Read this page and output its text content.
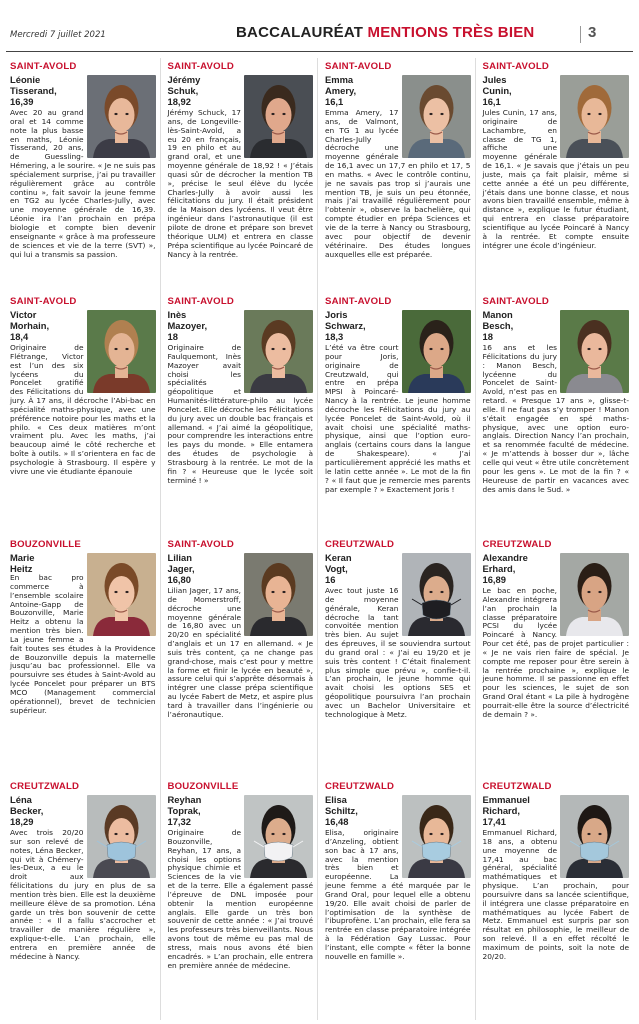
Mercredi 7 juillet 2021	BACCALAURÉAT MENTIONS TRÈS BIEN	3
SAINT-AVOLD
Léonie
Tisserand,
16,39
Avec 20 au grand oral et 14 comme note la plus basse en maths, Léonie Tisserand, 20 ans, de Guessling-Hémering, a le sourire. « Je ne suis pas spécialement surprise, j’ai pu travailler régulièrement grâce au contrôle continu », fait savoir la jeune femme en TG2 au lycée Charles-Jully, avec une moyenne générale de 16,39. Léonie ira l’an prochain en prépa biologie et compte bien devenir enseignante « grâce à ma professeure de sciences et vie de la terre (SVT) », qui lui a transmis sa passion.
SAINT-AVOLD
Jérémy
Schuk,
18,92
Jérémy Schuck, 17 ans, de Longeville-lès-Saint-Avold, a eu 20 en français, 19 en philo et au grand oral, et une moyenne générale de 18,92 ! « J’étais quasi sûr de décrocher la mention TB », précise le seul élève du lycée Charles-Jully à avoir aussi les félicitations du jury. Il était président de la Maison des lycéens. Il veut être ingénieur dans l’astronautique (il est pilote de drone et prépare son brevet théorique ULM) et entrera en classe Prépa scientifique au lycée Poincaré de Nancy à la rentrée.
SAINT-AVOLD
Emma
Amery,
16,1
Emma Amery, 17 ans, de Valmont, en TG 1 au lycée Charles-Jully décroche une moyenne générale de 16,1 avec un 17,7 en philo et 17, 5 en maths. « Avec le contrôle continu, je ne savais pas trop si j’aurais une mention TB, je suis un peu étonnée, mais j’ai travaillé régulièrement pour l’obtenir », observe la bachelière, qui compte étudier en prépa Sciences et vie de la terre à Nancy ou Strasbourg, avec pour objectif de devenir vétérinaire. Des études longues auxquelles elle est préparée.
SAINT-AVOLD
Jules
Cunin,
16,1
Jules Cunin, 17 ans, originaire de Lachambre, en classe de TG 1, affiche une moyenne générale de 16,1. « Je savais que j’étais un peu juste, mais ça fait plaisir, même si cette année a été un peu différente, j’étais dans une bonne classe, et nous avons bien travaillé ensemble, même à distance », explique le futur étudiant, qui entrera en classe préparatoire scientifique au lycée Poincaré à Nancy à la rentrée. Et compte ensuite intégrer une école d’ingénieur.
SAINT-AVOLD
Victor
Morhain,
18,4
Originaire de Flétrange, Victor est l’un des six lycéens du Poncelet gratifié des Félicitations du jury. À 17 ans, il décroche l’Abi-bac en spécialité maths-physique, avec une préférence notoire pour les maths et la philo. « Ces deux matières m’ont vraiment plu. Avec les maths, j’ai beaucoup aimé le côté recherche et boîte à outils. » Il s’orientera en fac de psychologie à Strasbourg. Il espère y vivre une vie étudiante épanouie
SAINT-AVOLD
Inès
Mazoyer,
18
Originaire de Faulquemont, Inès Mazoyer avait choisi les spécialités géopolitique et Humanités-littérature-philo au lycée Poncelet. Elle décroche les Félicitations du jury avec un double bac français et allemand. « J’ai aimé la géopolitique, pour comprendre les interactions entre les pays du monde. » Elle entamera des études de psychologie à Strasbourg à la rentrée. Le mot de la fin ? « Heureuse que le lycée soit terminé ! »
SAINT-AVOLD
Joris
Schwarz,
18,3
L’été va être court pour Joris, originaire de Creutzwald, qui entre en prépa MPSI à Poincaré-Nancy à la rentrée. Le jeune homme décroche les Félicitations du jury au lycée Poncelet de Saint-Avold, où il avait choisi une spécialité maths-physique, ainsi que l’option euro-anglais (certains cours dans la langue de Shakespeare). « J’ai particulièrement apprécié les maths et le latin cette année ». Le mot de la fin ? « Il faut que je remercie mes parents par exemple ? » Exactement Joris !
SAINT-AVOLD
Manon
Besch,
18
16 ans et les Félicitations du jury : Manon Besch, lycéenne du Poncelet de Saint-Avold, n’est pas en retard. « Presque 17 ans », glisse-t-elle. Il ne faut pas s’y tromper ! Manon s’était engagée en spé maths-physique, avec une option euro-anglais. Direction Nancy l’an prochain, et sa renommée faculté de médecine. « Je m’attends à bosser dur », lâche celle qui veut « être utile concrètement pour les gens ». Le mot de la fin ? « Heureuse de partir en vacances avec des amis dans le Sud. »
BOUZONVILLE
Marie
Heitz
En bac pro commerce à l’ensemble scolaire Antoine-Gapp de Bouzonville, Marie Heitz a obtenu la mention très bien. La jeune femme a fait toutes ses études à la Providence de Bouzonville depuis la maternelle jusqu’au bac professionnel. Elle va poursuivre ses études à Saint-Avold au lycée Poncelet pour préparer un BTS MCO (Management commercial opérationnel), brevet de technicien supérieur.
SAINT-AVOLD
Lilian
Jager,
16,80
Lilian Jager, 17 ans, de Momerstroff, décroche une moyenne générale de 16,80 avec un 20/20 en spécialité d’anglais et un 17 en allemand. « Je suis très content, ça ne change pas grand-chose, mais c’est pour y mettre la forme et finir le lycée en beauté », assure celui qui s’apprête désormais à intégrer une classe prépa scientifique au lycée Fabert de Metz, et aspire plus tard à travailler dans l’ingénierie ou l’aéronautique.
CREUTZWALD
Keran
Vogt,
16
Avec tout juste 16 de moyenne générale, Keran décroche la tant convoitée mention très bien. Au sujet des épreuves, il se souviendra surtout du grand oral : « J’ai eu 19/20 et je suis très content ! C’était finalement plus simple que prévu », confie-t-il. L’an prochain, le jeune homme qui avait choisi les options SES et géopolitique poursuivra l’an prochain avec un Bachelor Universitaire et technologique à Metz.
CREUTZWALD
Alexandre
Erhard,
16,89
Le bac en poche, Alexandre intégrera l’an prochain la classe préparatoire PCSI du lycée Poincaré à Nancy. Pour cet été, pas de projet particulier : « Je ne vais rien faire de spécial. Je compte me reposer pour être serein à la rentrée prochaine », explique le jeune homme. Il se passionne en effet pour les sciences, le sujet de son Grand Oral étant « La pile à hydrogène pourrait-elle être la source d’électricité de demain ? ».
CREUTZWALD
Léna
Becker,
18,29
Avec trois 20/20 sur son relevé de notes, Léna Becker, qui vit à Chémery-les-Deux, a eu le droit aux félicitations du jury en plus de sa mention très bien. Elle est la deuxième meilleure élève de sa promotion. Léna garde un très bon souvenir de cette année : « Il a fallu s’accrocher et travailler de manière régulière », explique-t-elle. L’an prochain, elle entrera en première année de médecine à Nancy.
BOUZONVILLE
Reyhan
Toprak,
17,32
Originaire de Bouzonville, Reyhan, 17 ans, a choisi les options physique chimie et Sciences de la vie et de la terre. Elle a également passé l’épreuve de DNL imposée pour obtenir la mention européenne anglais. Elle garde un très bon souvenir de cette année : « J’ai trouvé les professeurs très bienveillants. Nous avons tout de même eu pas mal de stress, mais nous avons été bien encadrés. » L’an prochain, elle entrera en première année de médecine.
CREUTZWALD
Elisa
Schiltz,
16,48
Elisa, originaire d’Anzeling, obtient son bac à 17 ans, avec la mention très bien et européenne. La jeune femme a été marquée par le Grand Oral, pour lequel elle a obtenu 19/20. Elle avait choisi de parler de l’optimisation de la synthèse de l’ibuprofène. L’an prochain, elle fera sa rentrée en classe préparatoire intégrée à la Fédération Gay Lussac. Pour l’instant, elle compte « fêter la bonne nouvelle en famille ».
CREUTZWALD
Emmanuel
Richard,
17,41
Emmanuel Richard, 18 ans, a obtenu une moyenne de 17,41 au bac général, spécialité mathématiques et physique. L’an prochain, pour poursuivre dans sa lancée scientifique, il intégrera une classe préparatoire en mathématiques au lycée Fabert de Metz. Emmanuel est surpris par son résultat en philosophie, le meilleur de son relevé. Il a en effet récolté le maximum de points, soit la note de 20/20.
